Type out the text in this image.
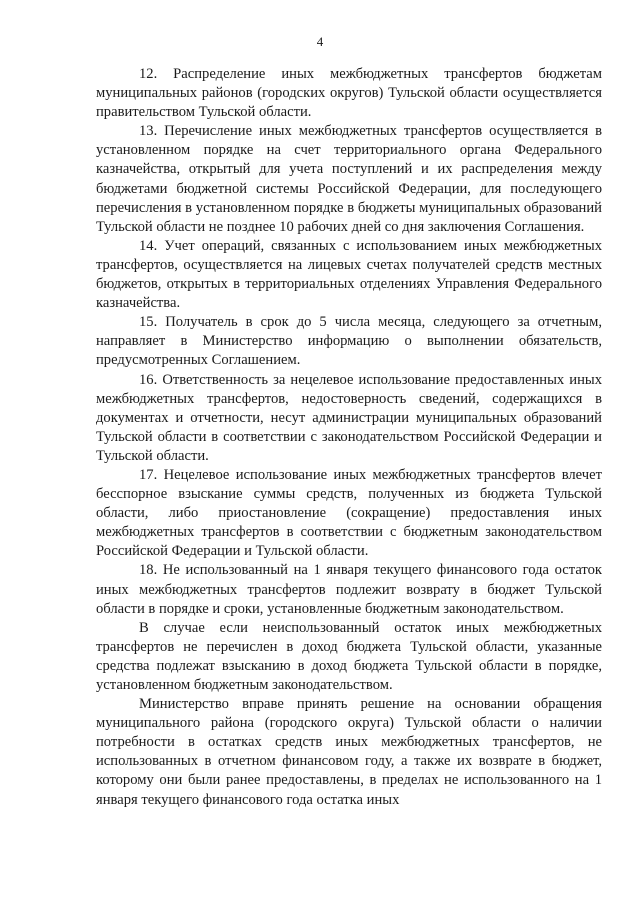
4

12. Распределение иных межбюджетных трансфертов бюджетам муниципальных районов (городских округов) Тульской области осуществляется правительством Тульской области.

13. Перечисление иных межбюджетных трансфертов осуществляется в установленном порядке на счет территориального органа Федерального казначейства, открытый для учета поступлений и их распределения между бюджетами бюджетной системы Российской Федерации, для последующего перечисления в установленном порядке в бюджеты муниципальных образований Тульской области не позднее 10 рабочих дней со дня заключения Соглашения.

14. Учет операций, связанных с использованием иных межбюджетных трансфертов, осуществляется на лицевых счетах получателей средств местных бюджетов, открытых в территориальных отделениях Управления Федерального казначейства.

15. Получатель в срок до 5 числа месяца, следующего за отчетным, направляет в Министерство информацию о выполнении обязательств, предусмотренных Соглашением.

16. Ответственность за нецелевое использование предоставленных иных межбюджетных трансфертов, недостоверность сведений, содержащихся в документах и отчетности, несут администрации муниципальных образований Тульской области в соответствии с законодательством Российской Федерации и Тульской области.

17. Нецелевое использование иных межбюджетных трансфертов влечет бесспорное взыскание суммы средств, полученных из бюджета Тульской области, либо приостановление (сокращение) предоставления иных межбюджетных трансфертов в соответствии с бюджетным законодательством Российской Федерации и Тульской области.

18. Не использованный на 1 января текущего финансового года остаток иных межбюджетных трансфертов подлежит возврату в бюджет Тульской области в порядке и сроки, установленные бюджетным законодательством.

В случае если неиспользованный остаток иных межбюджетных трансфертов не перечислен в доход бюджета Тульской области, указанные средства подлежат взысканию в доход бюджета Тульской области в порядке, установленном бюджетным законодательством.

Министерство вправе принять решение на основании обращения муниципального района (городского округа) Тульской области о наличии потребности в остатках средств иных межбюджетных трансфертов, не использованных в отчетном финансовом году, а также их возврате в бюджет, которому они были ранее предоставлены, в пределах не использованного на 1 января текущего финансового года остатка иных
